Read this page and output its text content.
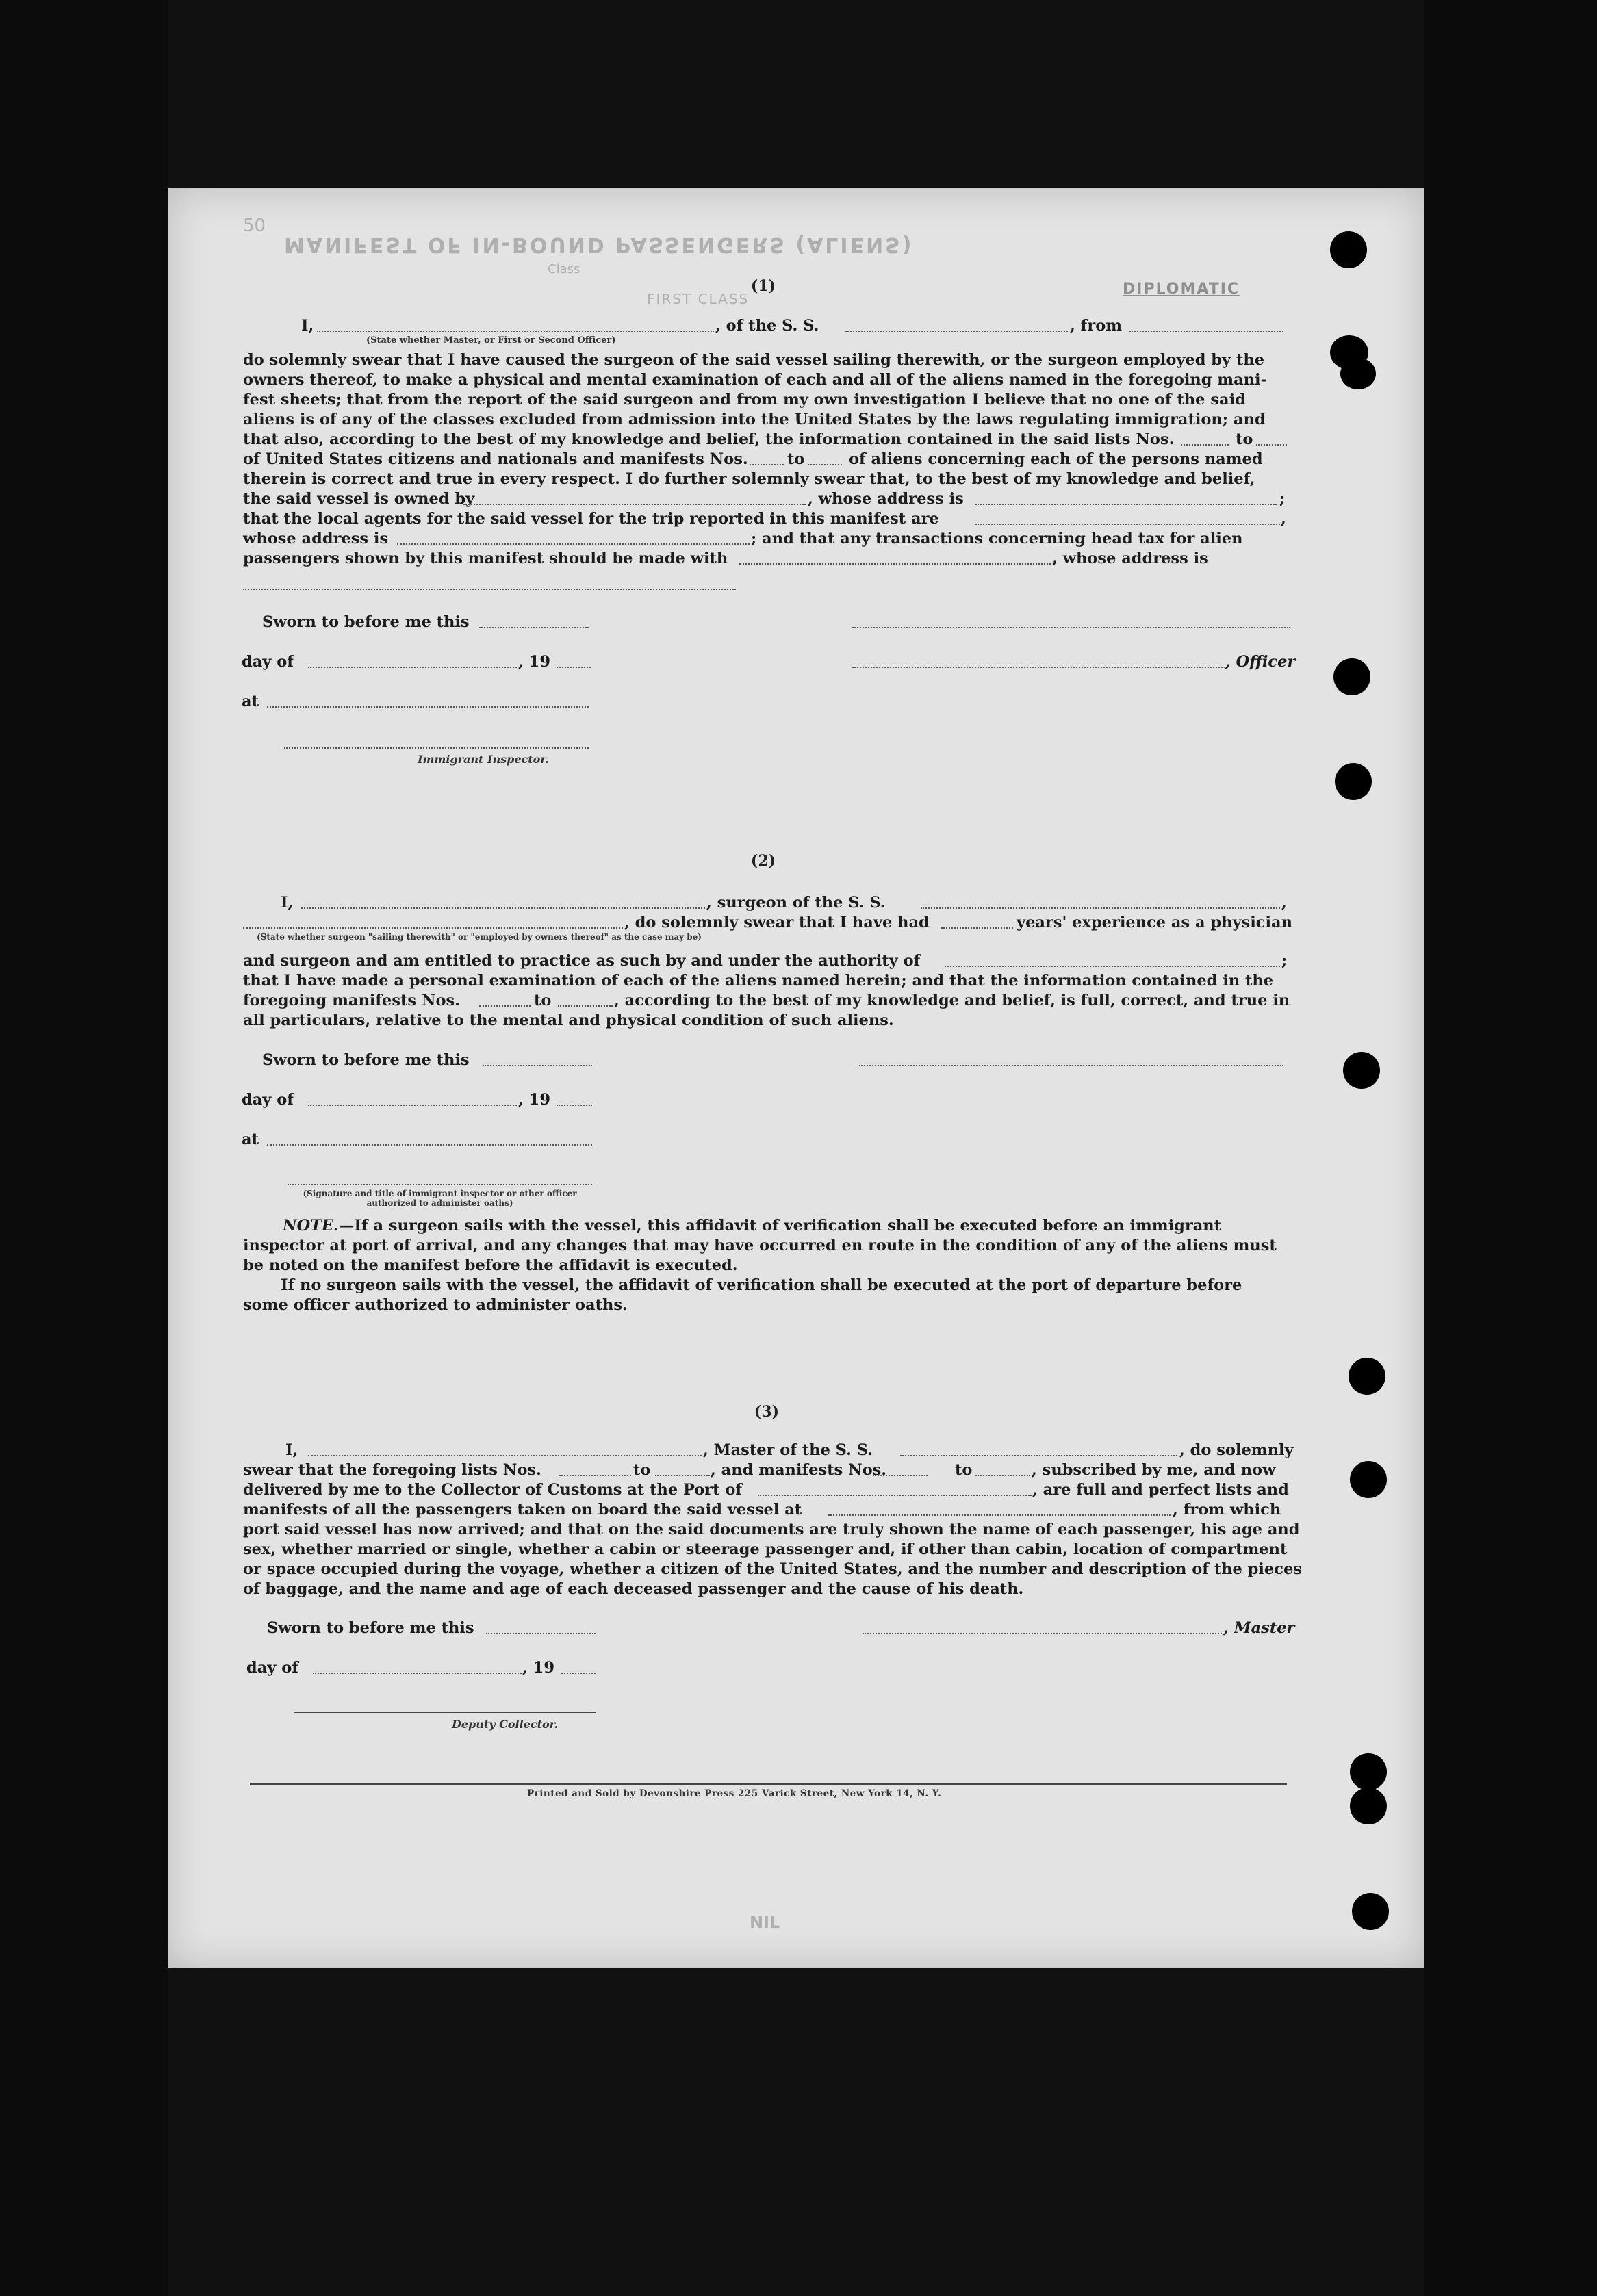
MANIFEST OF IN-BOUND PASSENGERS (ALIENS)
50
Class
FIRST CLASS
DIPLOMATIC
NIL
(1)
I,	, of the S. S.	, from
(State whether Master, or First or Second Officer)
do solemnly swear that I have caused the surgeon of the said vessel sailing therewith, or the surgeon employed by the
owners thereof, to make a physical and mental examination of each and all of the aliens named in the foregoing mani-
fest sheets; that from the report of the said surgeon and from my own investigation I believe that no one of the said
aliens is of any of the classes excluded from admission into the United States by the laws regulating immigration; and
that also, according to the best of my knowledge and belief, the information contained in the said lists Nos.	to
of United States citizens and nationals and manifests Nos.	to	of aliens concerning each of the persons named
therein is correct and true in every respect. I do further solemnly swear that, to the best of my knowledge and belief,
the said vessel is owned by	, whose address is	;
that the local agents for the said vessel for the trip reported in this manifest are	,
whose address is	; and that any transactions concerning head tax for alien
passengers shown by this manifest should be made with	, whose address is
Sworn to before me this
day of	, 19	, Officer
at
Immigrant Inspector.
(2)
I,	, surgeon of the S. S.	,
, do solemnly swear that I have had	years' experience as a physician
(State whether surgeon "sailing therewith" or "employed by owners thereof" as the case may be)
and surgeon and am entitled to practice as such by and under the authority of	;
that I have made a personal examination of each of the aliens named herein; and that the information contained in the
foregoing manifests Nos.	to	, according to the best of my knowledge and belief, is full, correct, and true in
all particulars, relative to the mental and physical condition of such aliens.
Sworn to before me this
day of	, 19
at
(Signature and title of immigrant inspector or other officer authorized to administer oaths)
NOTE.—If a surgeon sails with the vessel, this affidavit of verification shall be executed before an immigrant
inspector at port of arrival, and any changes that may have occurred en route in the condition of any of the aliens must
be noted on the manifest before the affidavit is executed.
If no surgeon sails with the vessel, the affidavit of verification shall be executed at the port of departure before
some officer authorized to administer oaths.
(3)
I,	, Master of the S. S.	, do solemnly
swear that the foregoing lists Nos.	to	, and manifests Nos.	to	, subscribed by me, and now
delivered by me to the Collector of Customs at the Port of	, are full and perfect lists and
manifests of all the passengers taken on board the said vessel at	, from which
port said vessel has now arrived; and that on the said documents are truly shown the name of each passenger, his age and
sex, whether married or single, whether a cabin or steerage passenger and, if other than cabin, location of compartment
or space occupied during the voyage, whether a citizen of the United States, and the number and description of the pieces
of baggage, and the name and age of each deceased passenger and the cause of his death.
Sworn to before me this	, Master
day of	, 19
Deputy Collector.
Printed and Sold by Devonshire Press 225 Varick Street, New York 14, N. Y.
